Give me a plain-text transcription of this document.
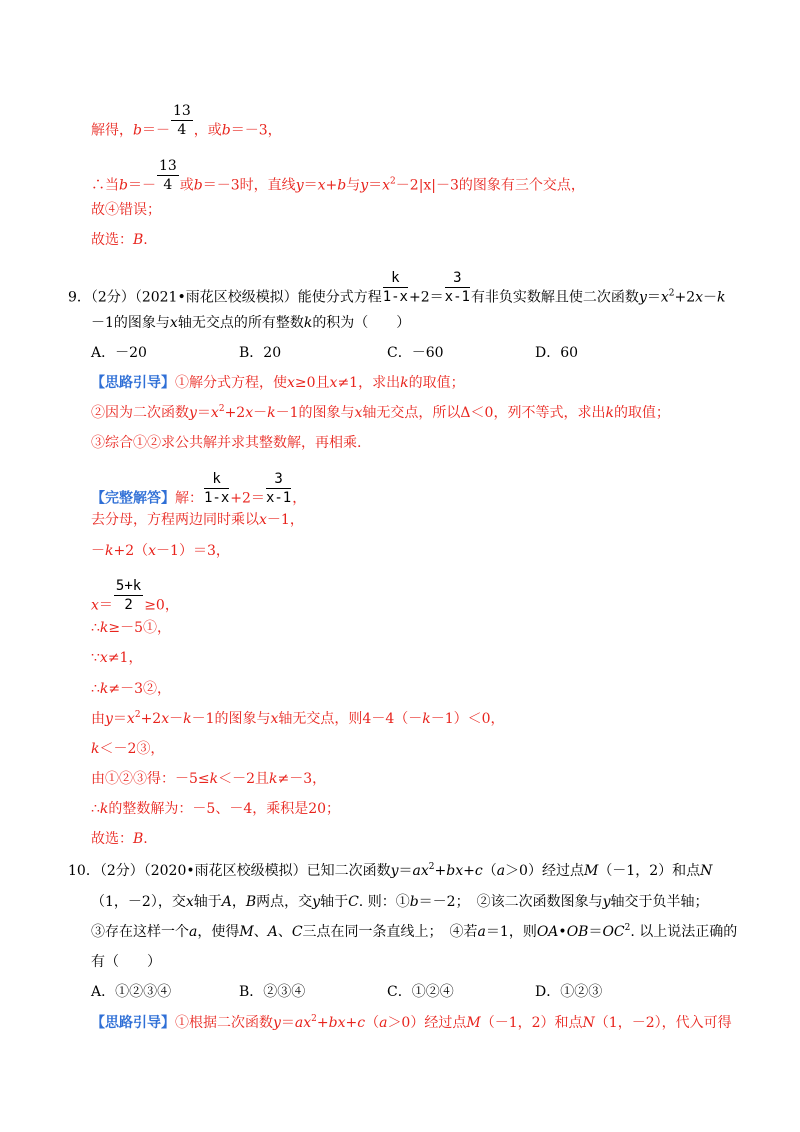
解得，$b=- \frac{13}{4}$ ，或b＝－3，
∴当$b=- \frac{13}{4}$ 或b＝－3时，直线y＝x+b与$y=x^2-2|x|-3$的图象有三个交点，
故④错误；
故选：B.
9．（2分）（2021•雨花区校级模拟）能使分式方程 $\frac{k}{1-x} +2= \frac{3}{x-1}$ 有非负实数解且使二次函数$y=x^2+2x-k$
－1的图象与x轴无交点的所有整数k的积为（　　）
A．－20	B．20	C．－60	D．60
【思路引导】①解分式方程，使x≥0且x≠1，求出k的取值；
②因为二次函数$y=x^2+2x-k-1$的图象与x轴无交点，所以Δ＜0，列不等式，求出k的取值；
③综合①②求公共解并求其整数解，再相乘.
【完整解答】解： $\frac{k}{1-x} +2= \frac{3}{x-1}$ ，
去分母，方程两边同时乘以x－1，
－k+2（x－1）＝3，
$x= \frac{5+k}{2} \ge 0$，
∴k≥－5①，
∵x≠1，
∴k≠－3②，
由$y=x^2+2x-k-1$的图象与x轴无交点，则4－4（－k－1）＜0，
k＜－2③，
由①②③得：－5≤k＜－2且k≠－3，
∴k的整数解为：－5、－4，乘积是20；
故选：B.
10．（2分）（2020•雨花区校级模拟）已知二次函数$y=ax^2+bx+c(a>0)$经过点M（－1，2）和点N
（1，－2），交x轴于A，B两点，交y轴于C. 则：①b＝－2；　②该二次函数图象与y轴交于负半轴；
③存在这样一个a，使得M、A、C三点在同一条直线上；　④若a＝1，则$OA•OB=OC^2$. 以上说法正确的
有（　　）
A．①②③④	B．②③④	C．①②④	D．①②③
【思路引导】①根据二次函数$y=ax^2+bx+c(a>0)$经过点M（－1，2）和点N（1，－2），代入可得
